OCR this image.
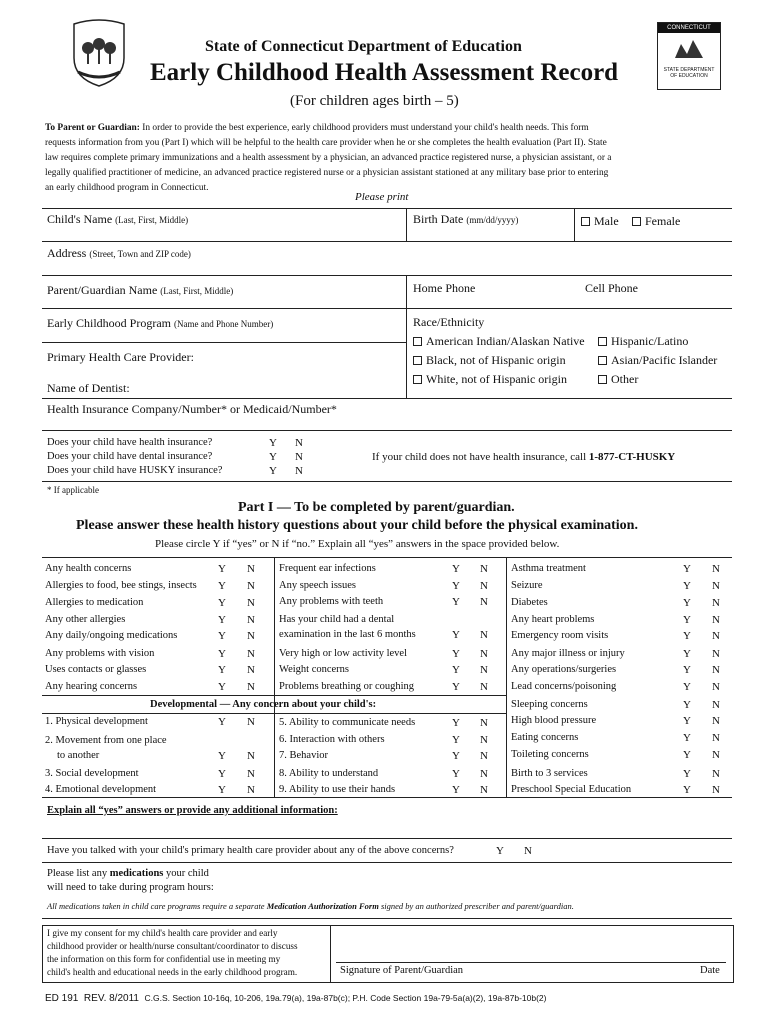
CONNECTICUT
STATE DEPARTMENT
OF EDUCATION
State of Connecticut Department of Education
Early Childhood Health Assessment Record
(For children ages birth – 5)
To Parent or Guardian: In order to provide the best experience, early childhood providers must understand your child's health needs. This form
requests information from you (Part I) which will be helpful to the health care provider when he or she completes the health evaluation (Part II). State
law requires complete primary immunizations and a health assessment by a physician, an advanced practice registered nurse, a physician assistant, or a
legally qualified practitioner of medicine, an advanced practice registered nurse or a physician assistant stationed at any military base prior to entering
an early childhood program in Connecticut.
Please print
Child's Name (Last, First, Middle)	Birth Date (mm/dd/yyyy)	Male	Female
Address (Street, Town and ZIP code)
Parent/Guardian Name (Last, First, Middle)	Home Phone	Cell Phone
Early Childhood Program (Name and Phone Number)	Race/Ethnicity
American Indian/Alaskan Native	Hispanic/Latino
Black, not of Hispanic origin	Asian/Pacific Islander
White, not of Hispanic origin	Other
Primary Health Care Provider:
Name of Dentist:
Health Insurance Company/Number* or Medicaid/Number*
Does your child have health insurance?
Does your child have dental insurance?
Does your child have HUSKY insurance?
Y N
Y N
Y N
If your child does not have health insurance, call 1-877-CT-HUSKY
* If applicable
Part I — To be completed by parent/guardian.
Please answer these health history questions about your child before the physical examination.
Please circle Y if “yes” or N if “no.” Explain all “yes” answers in the space provided below.
Any health concerns	Y N
Allergies to food, bee stings, insects Y N
Allergies to medication	Y N
Any other allergies	Y N
Any daily/ongoing medications	Y N
Any problems with vision	Y N
Uses contacts or glasses	Y N
Any hearing concerns	Y N
Frequent ear infections	Y N
Any speech issues	Y N
Any problems with teeth	Y N
Has your child had a dental
examination in the last 6 months	Y N
Very high or low activity level	Y N
Weight concerns	Y N
Problems breathing or coughing	Y N
Asthma treatment	Y N
Seizure	Y N
Diabetes	Y N
Any heart problems	Y N
Emergency room visits	Y N
Any major illness or injury	Y N
Any operations/surgeries	Y N
Lead concerns/poisoning	Y N
Sleeping concerns	Y N
High blood pressure	Y N
Eating concerns	Y N
Toileting concerns	Y N
Birth to 3 services	Y N
Preschool Special Education	Y N
Developmental — Any concern about your child's:
1. Physical development	Y N
2. Movement from one place
to another	Y N
3. Social development	Y N
4. Emotional development	Y N
5. Ability to communicate needs	Y N
6. Interaction with others	Y N
7. Behavior	Y N
8. Ability to understand	Y N
9. Ability to use their hands	Y N
Explain all “yes” answers or provide any additional information:
Have you talked with your child's primary health care provider about any of the above concerns?	Y N
Please list any medications your child
will need to take during program hours:
All medications taken in child care programs require a separate Medication Authorization Form signed by an authorized prescriber and parent/guardian.
I give my consent for my child's health care provider and early
childhood provider or health/nurse consultant/coordinator to discuss
the information on this form for confidential use in meeting my
child's health and educational needs in the early childhood program.	Signature of Parent/Guardian	Date
ED 191 REV. 8/2011 C.G.S. Section 10-16q, 10-206, 19a.79(a), 19a-87b(c); P.H. Code Section 19a-79-5a(a)(2), 19a-87b-10b(2)
